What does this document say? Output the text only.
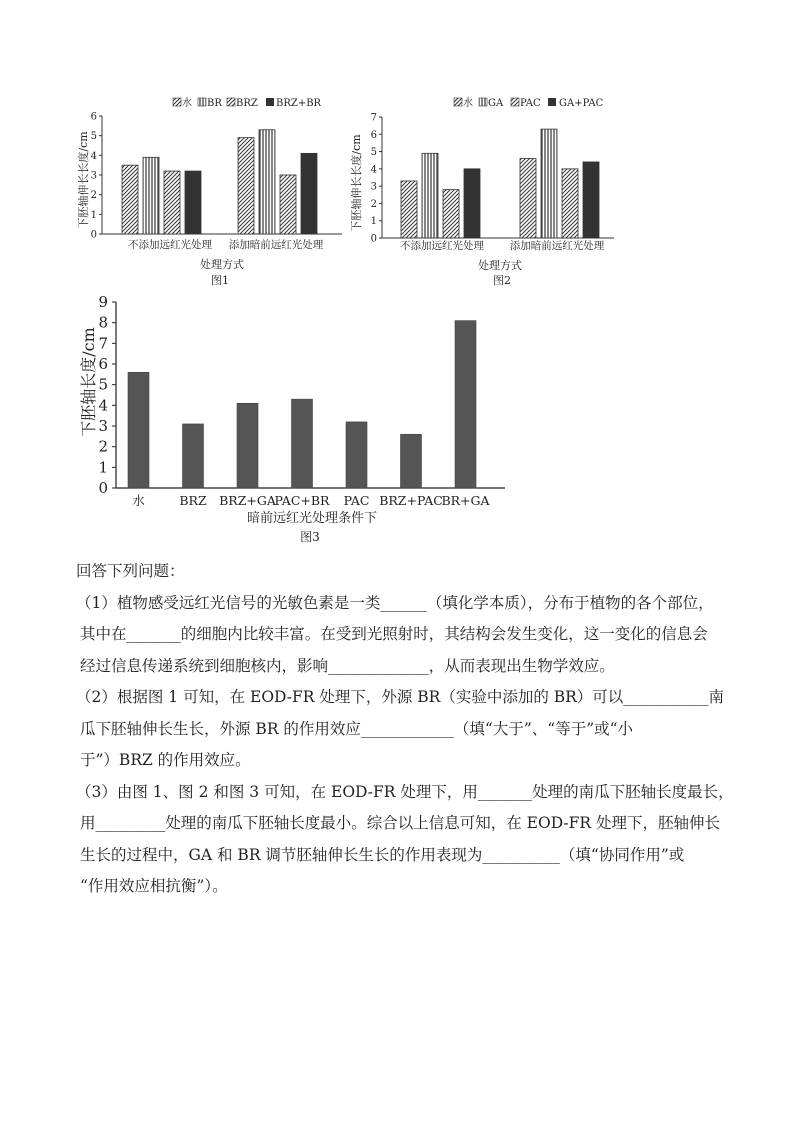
水 BR BRZ BRZ+BR
下胚轴伸长长度/cm
0
1
2
3
4
5
6
不添加远红光处理 添加暗前远红光处理
处理方式
图1
水 GA PAC GA+PAC
下胚轴伸长长度/cm
0
1
2
3
4
5
6
7
不添加远红光处理 添加暗前远红光处理
处理方式
图2
下胚轴长度/cm
0
1
2
3
4
5
6
7
8
9
水	BRZ BRZ+GA
PAC+BR PAC BRZ+PAC
BR+GA
暗前远红光处理条件下
图3

回答下列问题：

（1）植物感受远红光信号的光敏色素是一类______（填化学本质），分布于植物的各个部位，

其中在_______的细胞内比较丰富。在受到光照射时，其结构会发生变化，这一变化的信息会

经过信息传递系统到细胞核内，影响_____________，从而表现出生物学效应。

（2）根据图 1 可知，在 EOD-FR 处理下，外源 BR（实验中添加的 BR）可以___________南

瓜下胚轴伸长生长，外源 BR 的作用效应____________（填“大于”、“等于”或“小

于”）BRZ 的作用效应。

（3）由图 1、图 2 和图 3 可知，在 EOD-FR 处理下，用_______处理的南瓜下胚轴长度最长，

用_________处理的南瓜下胚轴长度最小。综合以上信息可知，在 EOD-FR 处理下，胚轴伸长

生长的过程中，GA 和 BR 调节胚轴伸长生长的作用表现为__________（填“协同作用”或

“作用效应相抗衡”）。
